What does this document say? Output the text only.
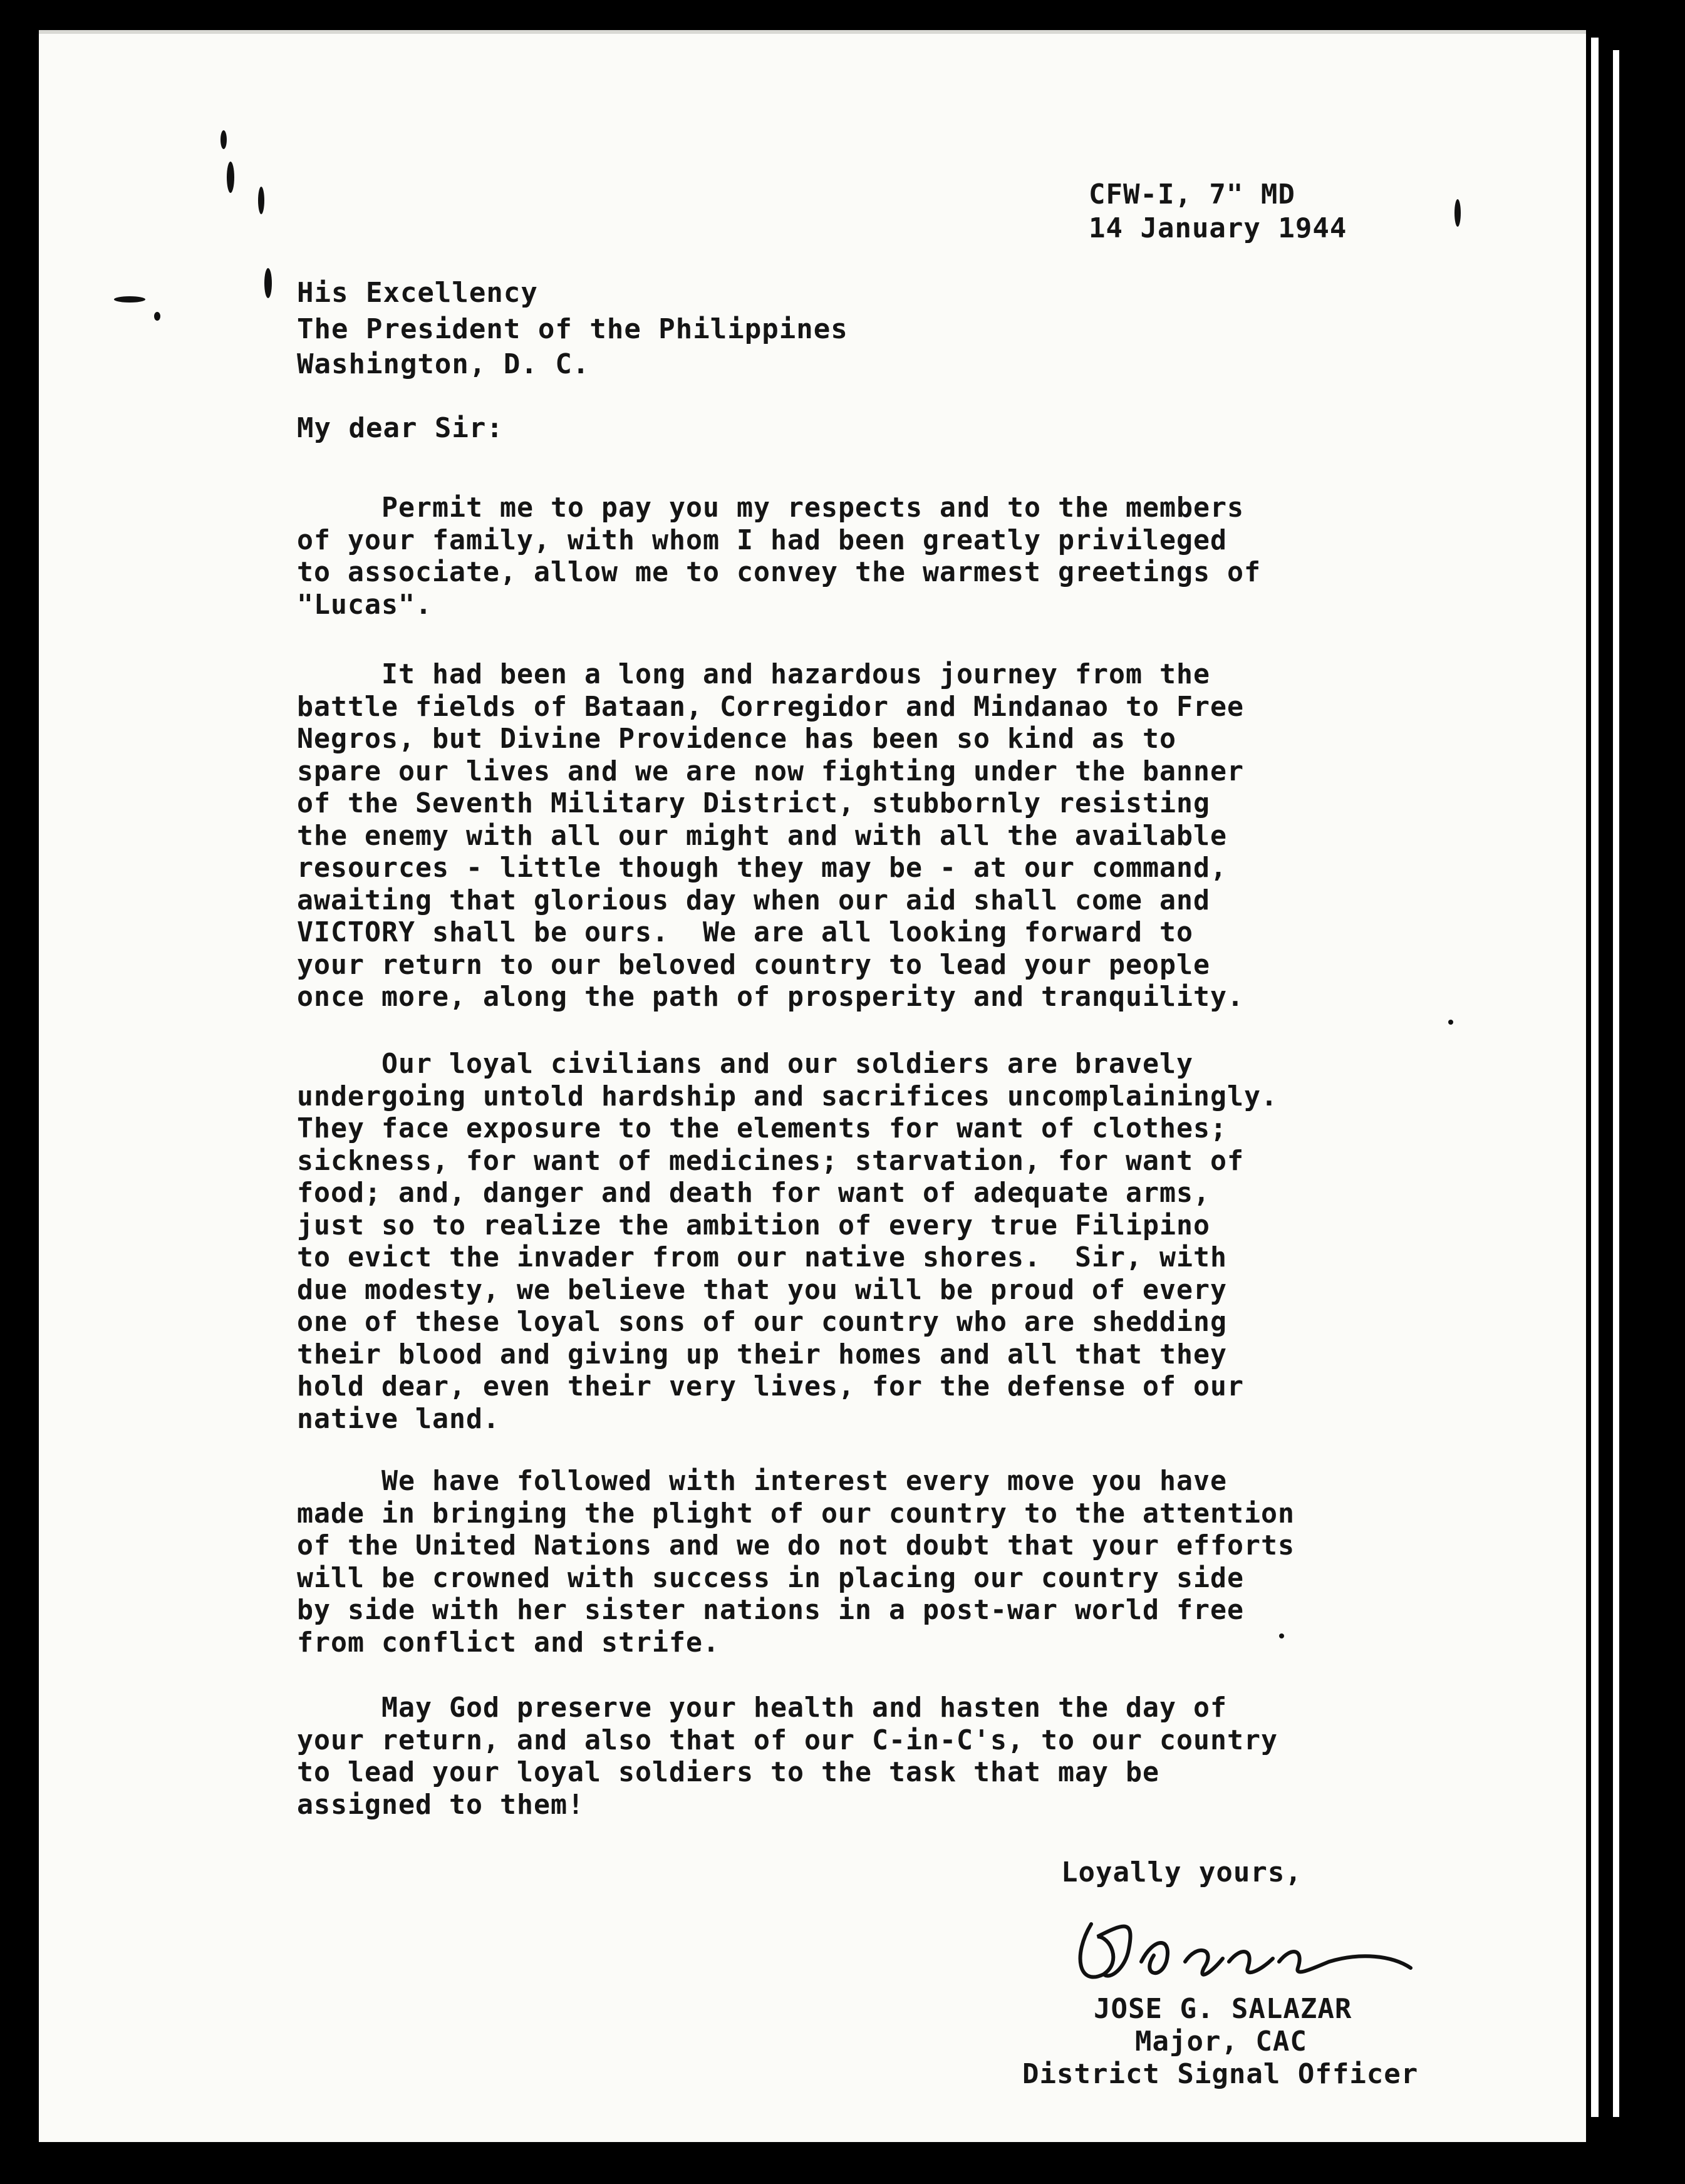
CFW-I, 7" MD
14 January 1944
His Excellency
The President of the Philippines
Washington, D. C.
My dear Sir:
Permit me to pay you my respects and to the members
of your family, with whom I had been greatly privileged
to associate, allow me to convey the warmest greetings of
"Lucas".
It had been a long and hazardous journey from the
battle fields of Bataan, Corregidor and Mindanao to Free
Negros, but Divine Providence has been so kind as to
spare our lives and we are now fighting under the banner
of the Seventh Military District, stubbornly resisting
the enemy with all our might and with all the available
resources - little though they may be - at our command,
awaiting that glorious day when our aid shall come and
VICTORY shall be ours.  We are all looking forward to
your return to our beloved country to lead your people
once more, along the path of prosperity and tranquility.
Our loyal civilians and our soldiers are bravely
undergoing untold hardship and sacrifices uncomplainingly.
They face exposure to the elements for want of clothes;
sickness, for want of medicines; starvation, for want of
food; and, danger and death for want of adequate arms,
just so to realize the ambition of every true Filipino
to evict the invader from our native shores.  Sir, with
due modesty, we believe that you will be proud of every
one of these loyal sons of our country who are shedding
their blood and giving up their homes and all that they
hold dear, even their very lives, for the defense of our
native land.
We have followed with interest every move you have
made in bringing the plight of our country to the attention
of the United Nations and we do not doubt that your efforts
will be crowned with success in placing our country side
by side with her sister nations in a post-war world free
from conflict and strife.
May God preserve your health and hasten the day of
your return, and also that of our C-in-C's, to our country
to lead your loyal soldiers to the task that may be
assigned to them!
Loyally yours,
JOSE G. SALAZAR
Major, CAC
District Signal Officer
